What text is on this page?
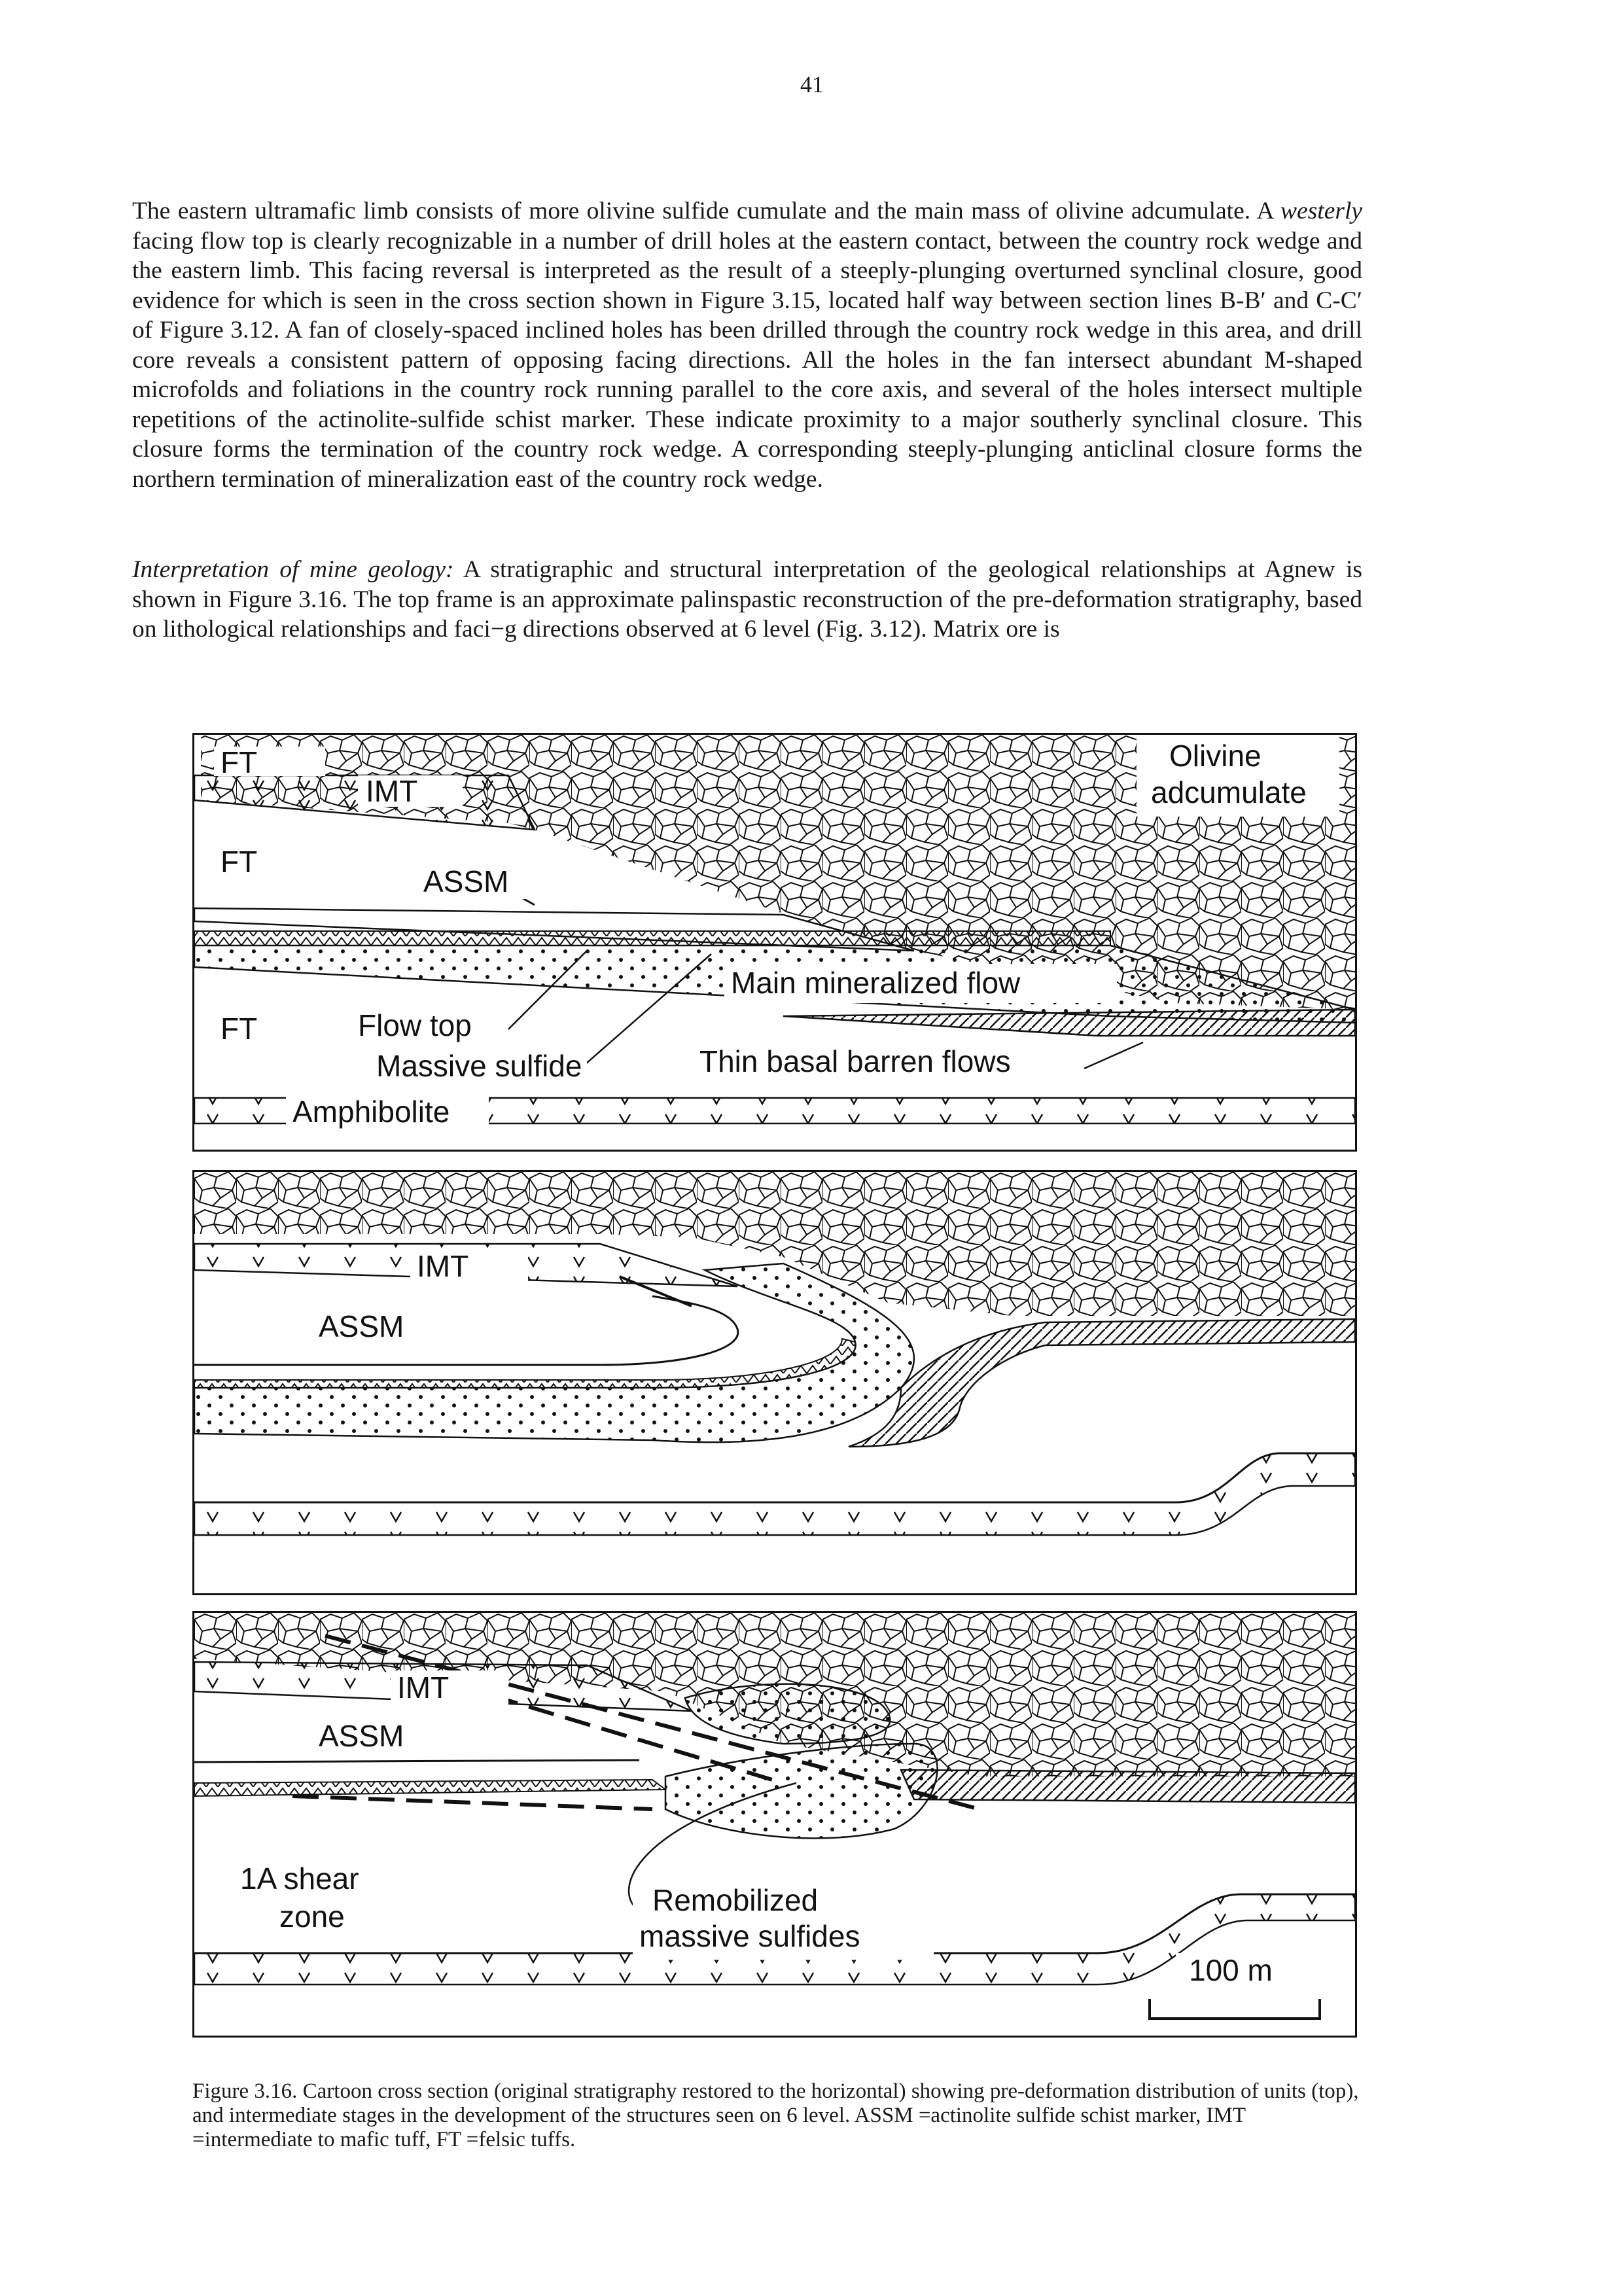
41

The eastern ultramafic limb consists of more olivine sulfide cumulate and the main mass of olivine adcumulate. A westerly facing flow top is clearly recognizable in a number of drill holes at the eastern contact, between the country rock wedge and the eastern limb. This facing reversal is interpreted as the result of a steeply-plunging overturned synclinal closure, good evidence for which is seen in the cross section shown in Figure 3.15, located half way between section lines B-B′ and C-C′ of Figure 3.12. A fan of closely-spaced inclined holes has been drilled through the country rock wedge in this area, and drill core reveals a consistent pattern of opposing facing directions. All the holes in the fan intersect abundant M-shaped microfolds and foliations in the country rock running parallel to the core axis, and several of the holes intersect multiple repetitions of the actinolite-sulfide schist marker. These indicate proximity to a major southerly synclinal closure. This closure forms the termination of the country rock wedge. A corresponding steeply-plunging anticlinal closure forms the northern termination of mineralization east of the country rock wedge.

Interpretation of mine geology: A stratigraphic and structural interpretation of the geological relationships at Agnew is shown in Figure 3.16. The top frame is an approximate palinspastic reconstruction of the pre-deformation stratigraphy, based on lithological relationships and faci−g directions observed at 6 level (Fig. 3.12). Matrix ore is

FT
IMT
FT
ASSM
Olivine
adcumulate
Main mineralized flow
FT	Flow top
Massive sulfide	Thin basal barren flows
Amphibolite
IMT
ASSM
IMT
ASSM
1A shear
zone	Remobilized
massive sulfides
100 m

Figure 3.16. Cartoon cross section (original stratigraphy restored to the horizontal) showing pre-deformation distribution of units (top), and intermediate stages in the development of the structures seen on 6 level. ASSM =actinolite sulfide schist marker, IMT =intermediate to mafic tuff, FT =felsic tuffs.
